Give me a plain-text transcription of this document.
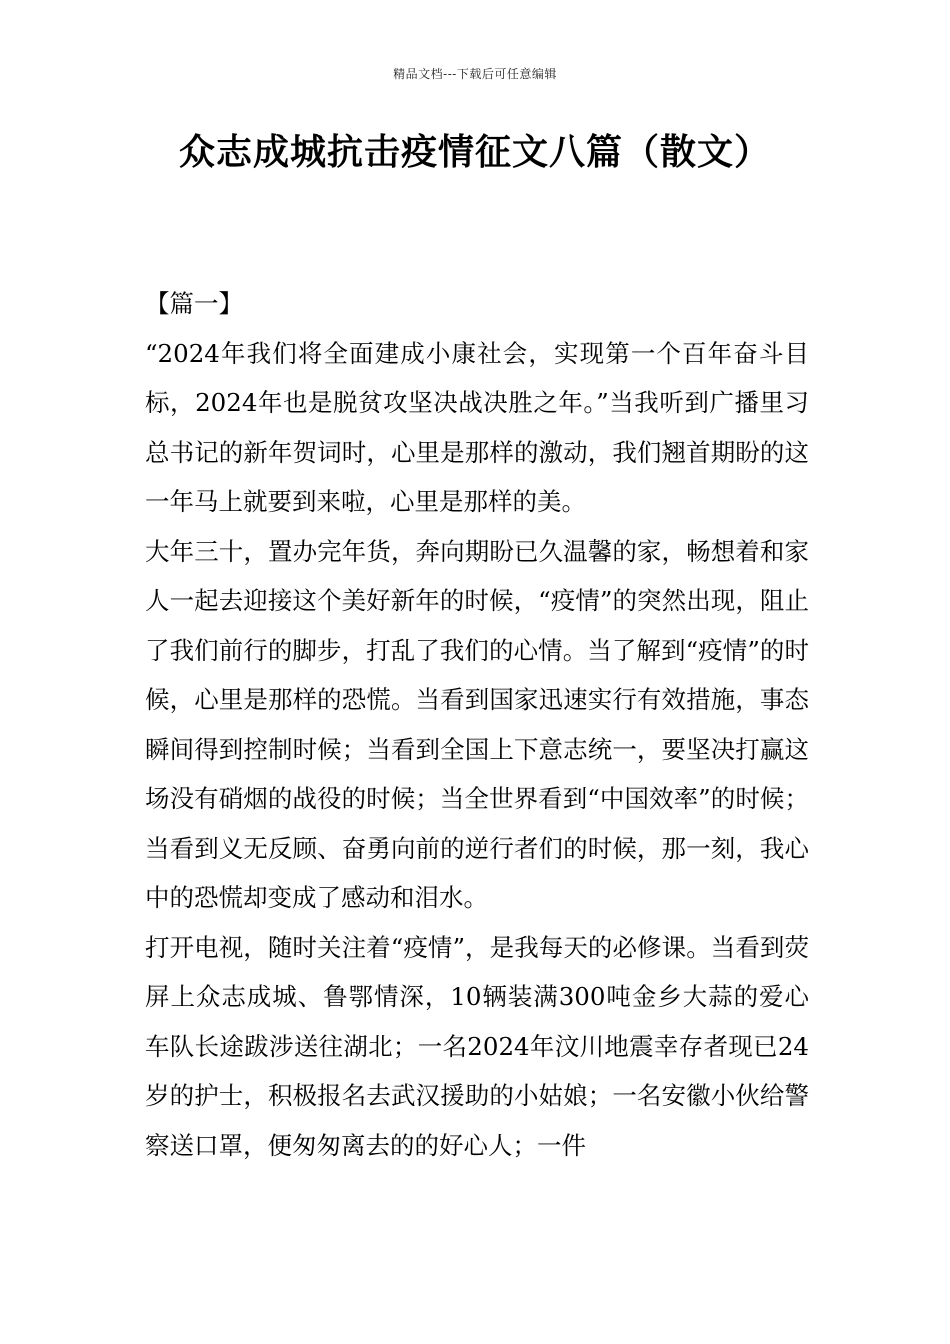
精品文档---下载后可任意编辑
众志成城抗击疫情征文八篇（散文）

【篇一】

“2024年我们将全面建成小康社会，实现第一个百年奋斗目标，2024年也是脱贫攻坚决战决胜之年。”当我听到广播里习总书记的新年贺词时，心里是那样的激动，我们翘首期盼的这一年马上就要到来啦，心里是那样的美。

大年三十，置办完年货，奔向期盼已久温馨的家，畅想着和家人一起去迎接这个美好新年的时候，“疫情”的突然出现，阻止了我们前行的脚步，打乱了我们的心情。当了解到“疫情”的时候，心里是那样的恐慌。当看到国家迅速实行有效措施，事态瞬间得到控制时候；当看到全国上下意志统一，要坚决打赢这场没有硝烟的战役的时候；当全世界看到“中国效率”的时候；当看到义无反顾、奋勇向前的逆行者们的时候，那一刻，我心中的恐慌却变成了感动和泪水。

打开电视，随时关注着“疫情”，是我每天的必修课。当看到荧屏上众志成城、鲁鄂情深，10辆装满300吨金乡大蒜的爱心车队长途跋涉送往湖北；一名2024年汶川地震幸存者现已24岁的护士，积极报名去武汉援助的小姑娘；一名安徽小伙给警察送口罩，便匆匆离去的的好心人；一件
